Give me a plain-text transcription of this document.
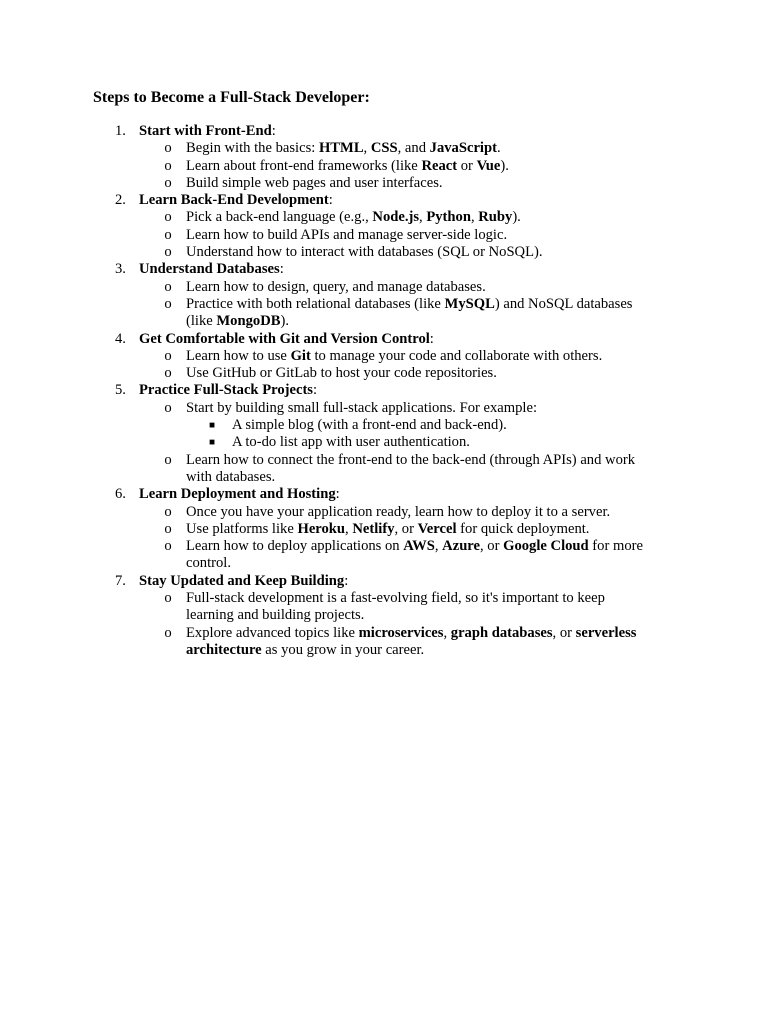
Steps to Become a Full-Stack Developer:
1. Start with Front-End:
o Begin with the basics: HTML, CSS, and JavaScript.
o Learn about front-end frameworks (like React or Vue).
o Build simple web pages and user interfaces.
2. Learn Back-End Development:
o Pick a back-end language (e.g., Node.js, Python, Ruby).
o Learn how to build APIs and manage server-side logic.
o Understand how to interact with databases (SQL or NoSQL).
3. Understand Databases:
o Learn how to design, query, and manage databases.
o Practice with both relational databases (like MySQL) and NoSQL databases
(like MongoDB).
4. Get Comfortable with Git and Version Control:
o Learn how to use Git to manage your code and collaborate with others.
o Use GitHub or GitLab to host your code repositories.
5. Practice Full-Stack Projects:
o Start by building small full-stack applications. For example:
■ A simple blog (with a front-end and back-end).
■ A to-do list app with user authentication.
o Learn how to connect the front-end to the back-end (through APIs) and work
with databases.
6. Learn Deployment and Hosting:
o Once you have your application ready, learn how to deploy it to a server.
o Use platforms like Heroku, Netlify, or Vercel for quick deployment.
o Learn how to deploy applications on AWS, Azure, or Google Cloud for more
control.
7. Stay Updated and Keep Building:
o Full-stack development is a fast-evolving field, so it's important to keep
learning and building projects.
o Explore advanced topics like microservices, graph databases, or serverless
architecture as you grow in your career.
